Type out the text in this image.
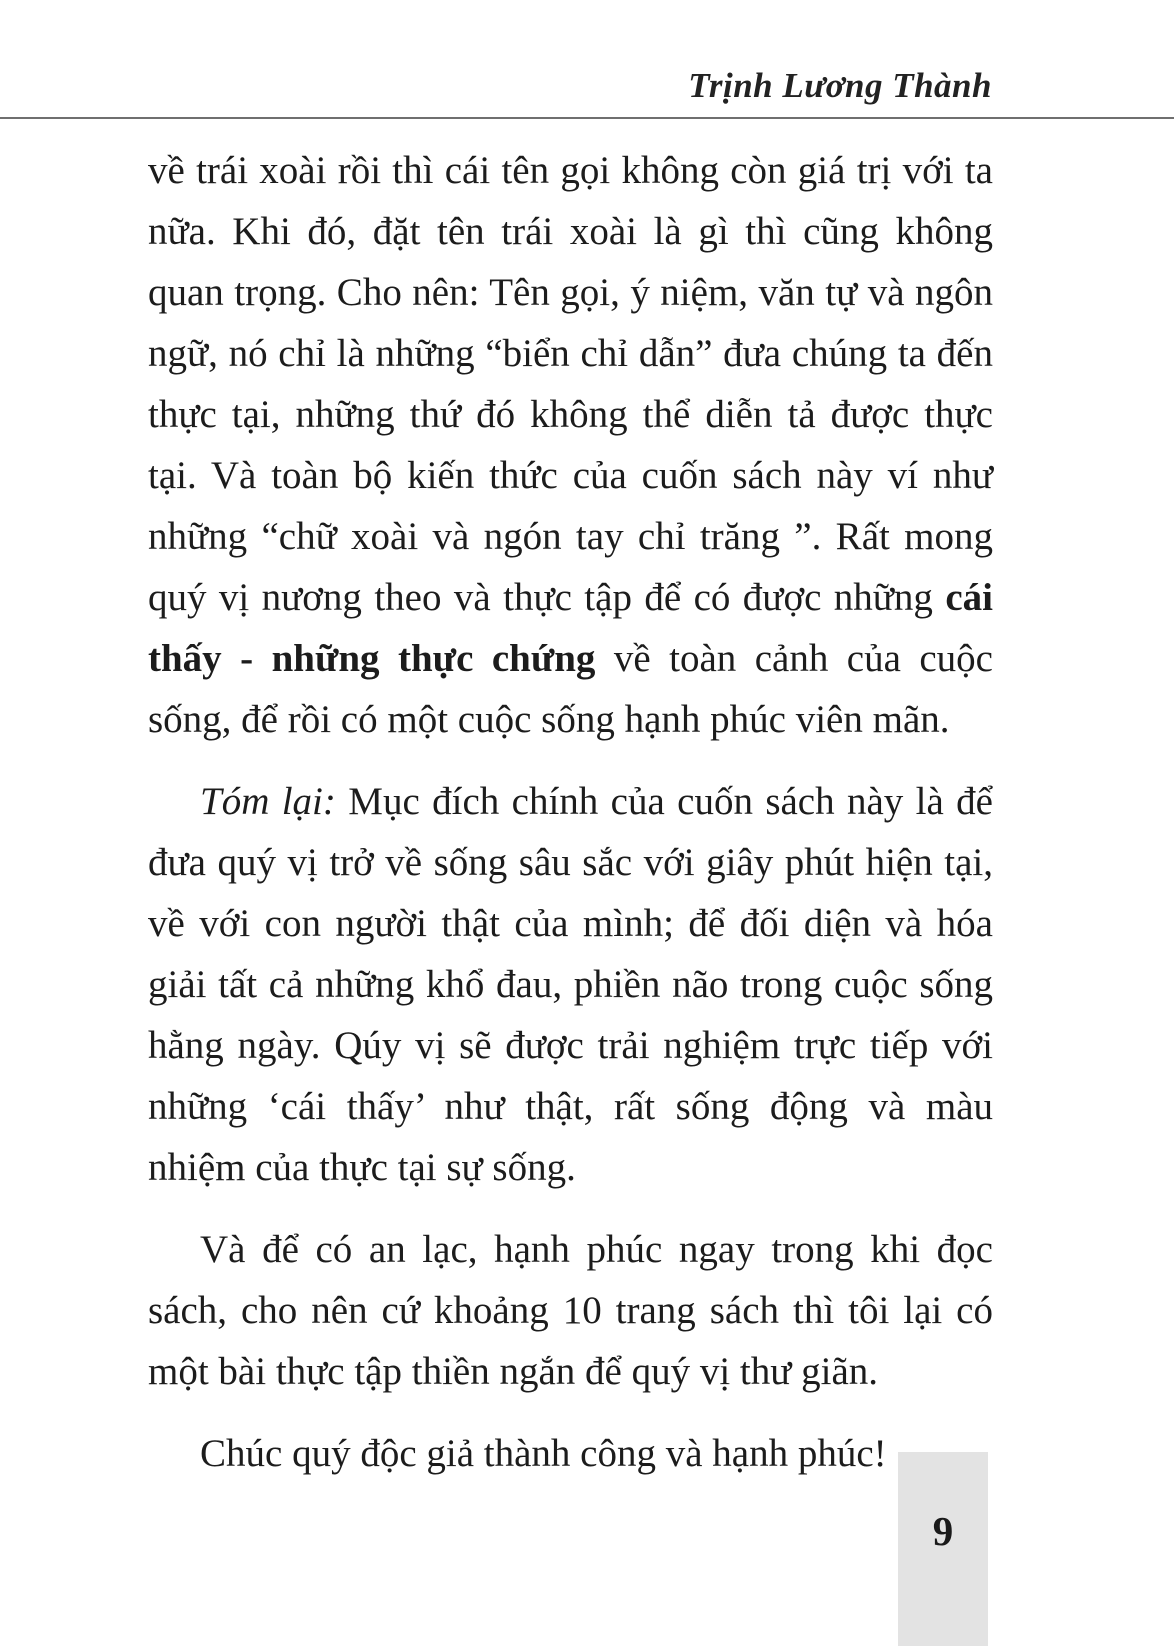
Trịnh Lương Thành

về trái xoài rồi thì cái tên gọi không còn giá trị với ta nữa. Khi đó, đặt tên trái xoài là gì thì cũng không quan trọng. Cho nên: Tên gọi, ý niệm, văn tự và ngôn ngữ, nó chỉ là những “biển chỉ dẫn” đưa chúng ta đến thực tại, những thứ đó không thể diễn tả được thực tại. Và toàn bộ kiến thức của cuốn sách này ví như những “chữ xoài và ngón tay chỉ trăng ”. Rất mong quý vị nương theo và thực tập để có được những cái thấy - những thực chứng về toàn cảnh của cuộc sống, để rồi có một cuộc sống hạnh phúc viên mãn.

Tóm lại: Mục đích chính của cuốn sách này là để đưa quý vị trở về sống sâu sắc với giây phút hiện tại, về với con người thật của mình; để đối diện và hóa giải tất cả những khổ đau, phiền não trong cuộc sống hằng ngày. Qúy vị sẽ được trải nghiệm trực tiếp với những ‘cái thấy’ như thật, rất sống động và màu nhiệm của thực tại sự sống.

Và để có an lạc, hạnh phúc ngay trong khi đọc sách, cho nên cứ khoảng 10 trang sách thì tôi lại có một bài thực tập thiền ngắn để quý vị thư giãn.

Chúc quý độc giả thành công và hạnh phúc!

9
